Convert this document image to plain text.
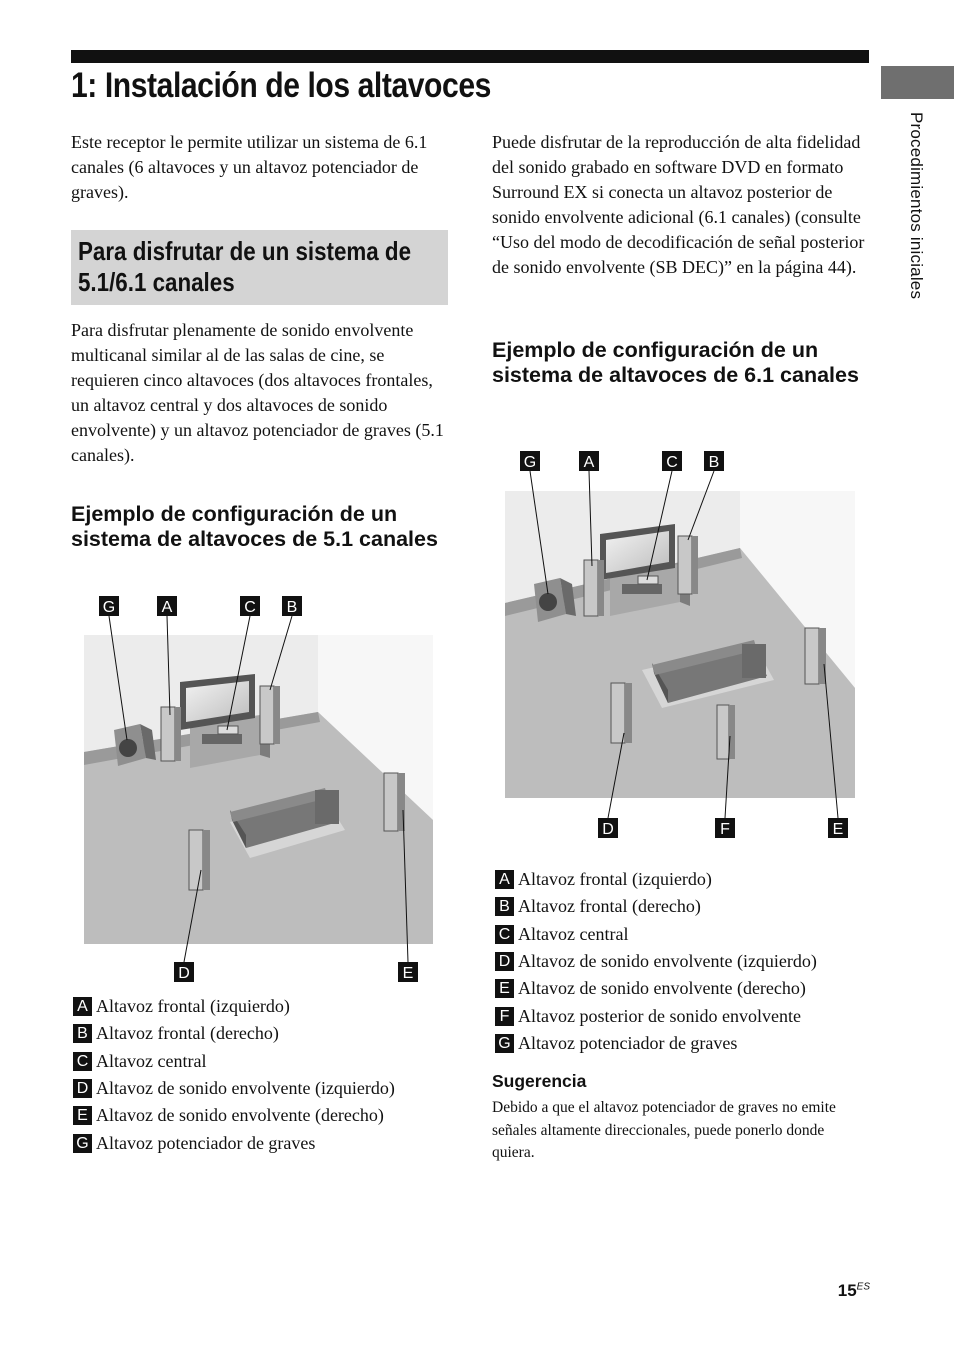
1: Instalación de los altavoces
Procedimientos iniciales

Este receptor le permite utilizar un sistema de 6.1 canales (6 altavoces y un altavoz potenciador de graves).

Para disfrutar de un sistema de 5.1/6.1 canales

Para disfrutar plenamente de sonido envolvente multicanal similar al de las salas de cine, se requieren cinco altavoces (dos altavoces frontales, un altavoz central y dos altavoces de sonido envolvente) y un altavoz potenciador de graves (5.1 canales).

Ejemplo de configuración de un sistema de altavoces de 5.1 canales
G	A	C B
D	E
A Altavoz frontal (izquierdo)
B Altavoz frontal (derecho)
C Altavoz central
D Altavoz de sonido envolvente (izquierdo)
E Altavoz de sonido envolvente (derecho)
G Altavoz potenciador de graves

Puede disfrutar de la reproducción de alta fidelidad del sonido grabado en software DVD en formato Surround EX si conecta un altavoz posterior de sonido envolvente adicional (6.1 canales) (consulte “Uso del modo de decodificación de señal posterior de sonido envolvente (SB DEC)” en la página 44).

Ejemplo de configuración de un sistema de altavoces de 6.1 canales
G	A	C B
D	F	E
A Altavoz frontal (izquierdo)
B Altavoz frontal (derecho)
C Altavoz central
D Altavoz de sonido envolvente (izquierdo)
E Altavoz de sonido envolvente (derecho)
F Altavoz posterior de sonido envolvente
G Altavoz potenciador de graves
Sugerencia

Debido a que el altavoz potenciador de graves no emite señales altamente direccionales, puede ponerlo donde quiera.

$15^{ES}$
